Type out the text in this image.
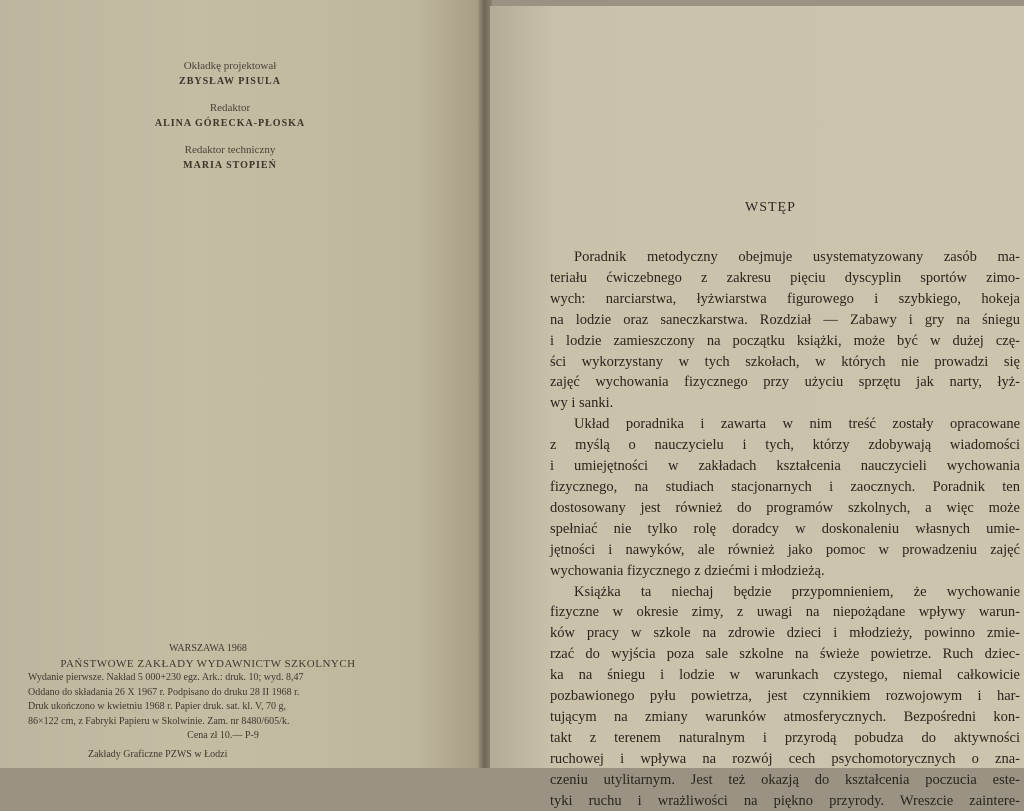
Okładkę projektował
ZBYSŁAW PISULA
Redaktor
ALINA GÓRECKA-PŁOSKA
Redaktor techniczny
MARIA STOPIEŃ
WARSZAWA 1968
PAŃSTWOWE ZAKŁADY WYDAWNICTW SZKOLNYCH
Wydanie pierwsze. Nakład 5 000+230 egz. Ark.: druk. 10; wyd. 8,47
Oddano do składania 26 X 1967 r. Podpisano do druku 28 II 1968 r.
Druk ukończono w kwietniu 1968 r. Papier druk. sat. kl. V, 70 g,
86×122 cm, z Fabryki Papieru w Skolwinie. Zam. nr 8480/605/k.
Cena zł 10.— P-9
Zakłady Graficzne PZWS w Łodzi
WSTĘP
Poradnik metodyczny obejmuje usystematyzowany zasób ma-
teriału ćwiczebnego z zakresu pięciu dyscyplin sportów zimo-
wych: narciarstwa, łyżwiarstwa figurowego i szybkiego, hokeja
na lodzie oraz saneczkarstwa. Rozdział — Zabawy i gry na śniegu
i lodzie zamieszczony na początku książki, może być w dużej czę-
ści wykorzystany w tych szkołach, w których nie prowadzi się
zajęć wychowania fizycznego przy użyciu sprzętu jak narty, łyż-
wy i sanki.
Układ poradnika i zawarta w nim treść zostały opracowane
z myślą o nauczycielu i tych, którzy zdobywają wiadomości
i umiejętności w zakładach kształcenia nauczycieli wychowania
fizycznego, na studiach stacjonarnych i zaocznych. Poradnik ten
dostosowany jest również do programów szkolnych, a więc może
spełniać nie tylko rolę doradcy w doskonaleniu własnych umie-
jętności i nawyków, ale również jako pomoc w prowadzeniu zajęć
wychowania fizycznego z dziećmi i młodzieżą.
Książka ta niechaj będzie przypomnieniem, że wychowanie
fizyczne w okresie zimy, z uwagi na niepożądane wpływy warun-
ków pracy w szkole na zdrowie dzieci i młodzieży, powinno zmie-
rzać do wyjścia poza sale szkolne na świeże powietrze. Ruch dziec-
ka na śniegu i lodzie w warunkach czystego, niemal całkowicie
pozbawionego pyłu powietrza, jest czynnikiem rozwojowym i har-
tującym na zmiany warunków atmosferycznych. Bezpośredni kon-
takt z terenem naturalnym i przyrodą pobudza do aktywności
ruchowej i wpływa na rozwój cech psychomotorycznych o zna-
czeniu utylitarnym. Jest też okazją do kształcenia poczucia este-
tyki ruchu i wrażliwości na piękno przyrody. Wreszcie zaintere-
